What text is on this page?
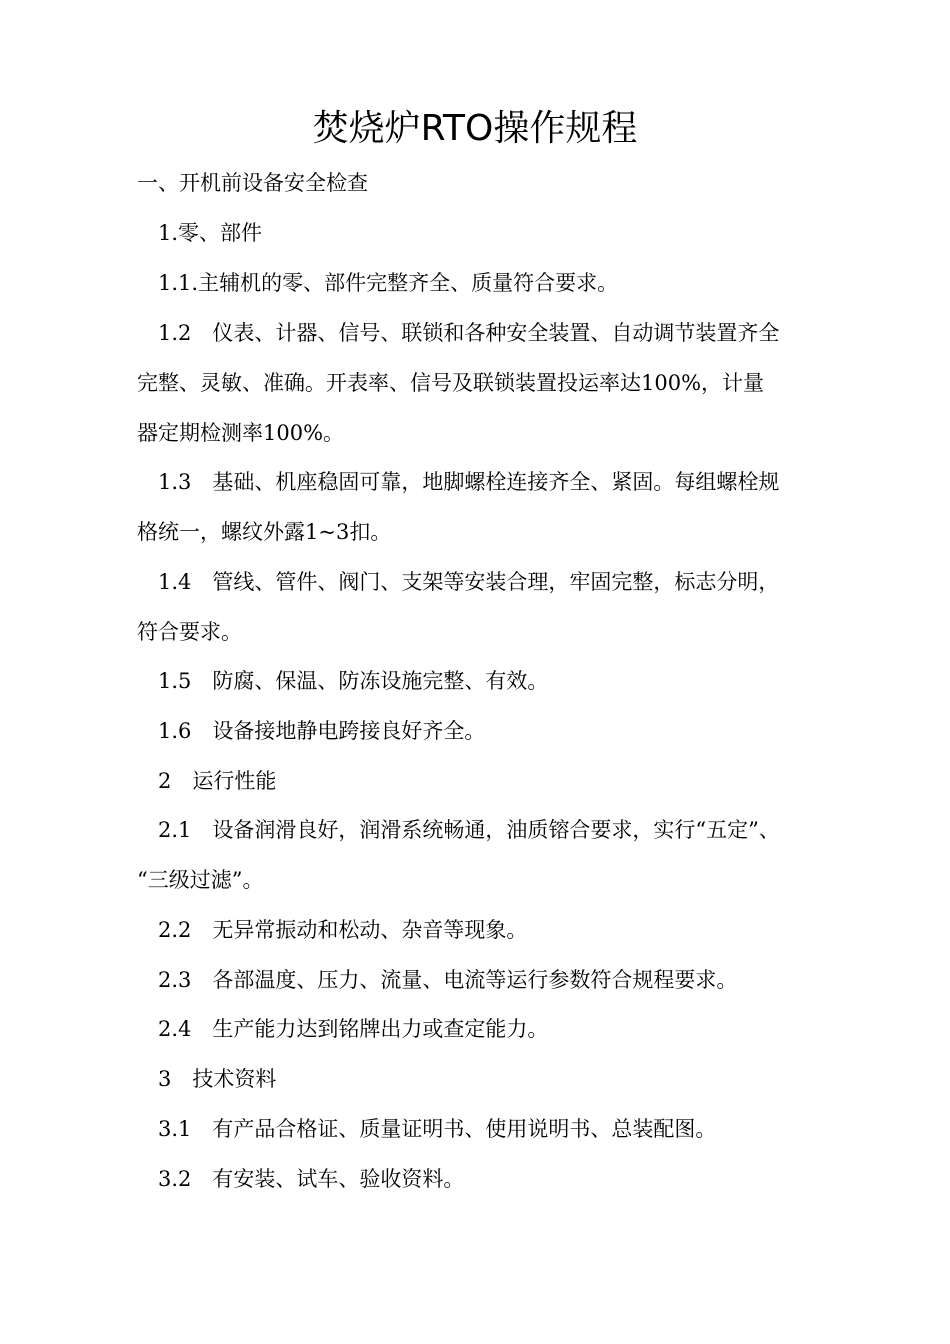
焚烧炉RTO操作规程
一、开机前设备安全检查
1.零、部件
1.1.主辅机的零、部件完整齐全、质量符合要求。
1.2　仪表、计器、信号、联锁和各种安全装置、自动调节装置齐全
完整、灵敏、准确。开表率、信号及联锁装置投运率达100%，计量
器定期检测率100%。
1.3　基础、机座稳固可靠，地脚螺栓连接齐全、紧固。每组螺栓规
格统一，螺纹外露1~3扣。
1.4　管线、管件、阀门、支架等安装合理，牢固完整，标志分明，
符合要求。
1.5　防腐、保温、防冻设施完整、有效。
1.6　设备接地静电跨接良好齐全。
2　运行性能
2.1　设备润滑良好，润滑系统畅通，油质镕合要求，实行“五定”、
“三级过滤”。
2.2　无异常振动和松动、杂音等现象。
2.3　各部温度、压力、流量、电流等运行参数符合规程要求。
2.4　生产能力达到铭牌出力或查定能力。
3　技术资料
3.1　有产品合格证、质量证明书、使用说明书、总装配图。
3.2　有安装、试车、验收资料。
